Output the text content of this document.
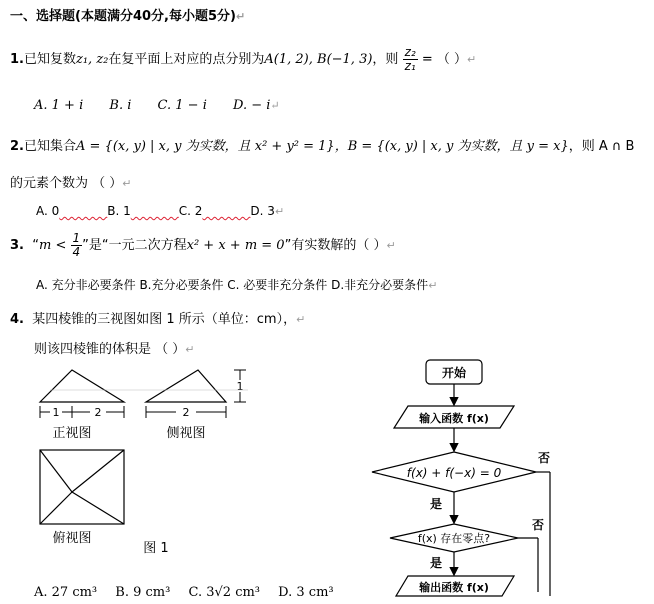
一、选择题(本题满分40分,每小题5分)↵
1.已知复数z₁, z₂在复平面上对应的点分别为A(1, 2), B(−1, 3)，则 $\frac{\text{z₂}}{\text{z₁}}$ = （ ）↵
A. 1 + i B. i C. 1 − i D. − i↵
2.已知集合A = {(x, y) | x, y 为实数，且 x² + y² = 1}，B = {(x, y) | x, y 为实数，且 y = x}，则 A ∩ B
的元素个数为 （ ）↵
A. 0    	B. 1    	C. 2    	D. 3↵
3. “$m < \frac{1}{4}$ ”是“一元二次方程x² + x + m = 0”有实数解的（ ）↵
A. 充分非必要条件 B.充分必要条件 C. 必要非充分条件 D.非充分必要条件↵
4. 某四棱锥的三视图如图 1 所示（单位：cm），↵
则该四棱锥的体积是 （ ）↵
1	2
正视图
2
1
侧视图
俯视图
图 1
A. 27 cm³ B. 9 cm³ C. 3√2 cm³ D. 3 cm³
开始
输入函数 f(x)
f(x) + f(−x) = 0
否
是
f(x) 存在零点?
否
是
输出函数 f(x)
